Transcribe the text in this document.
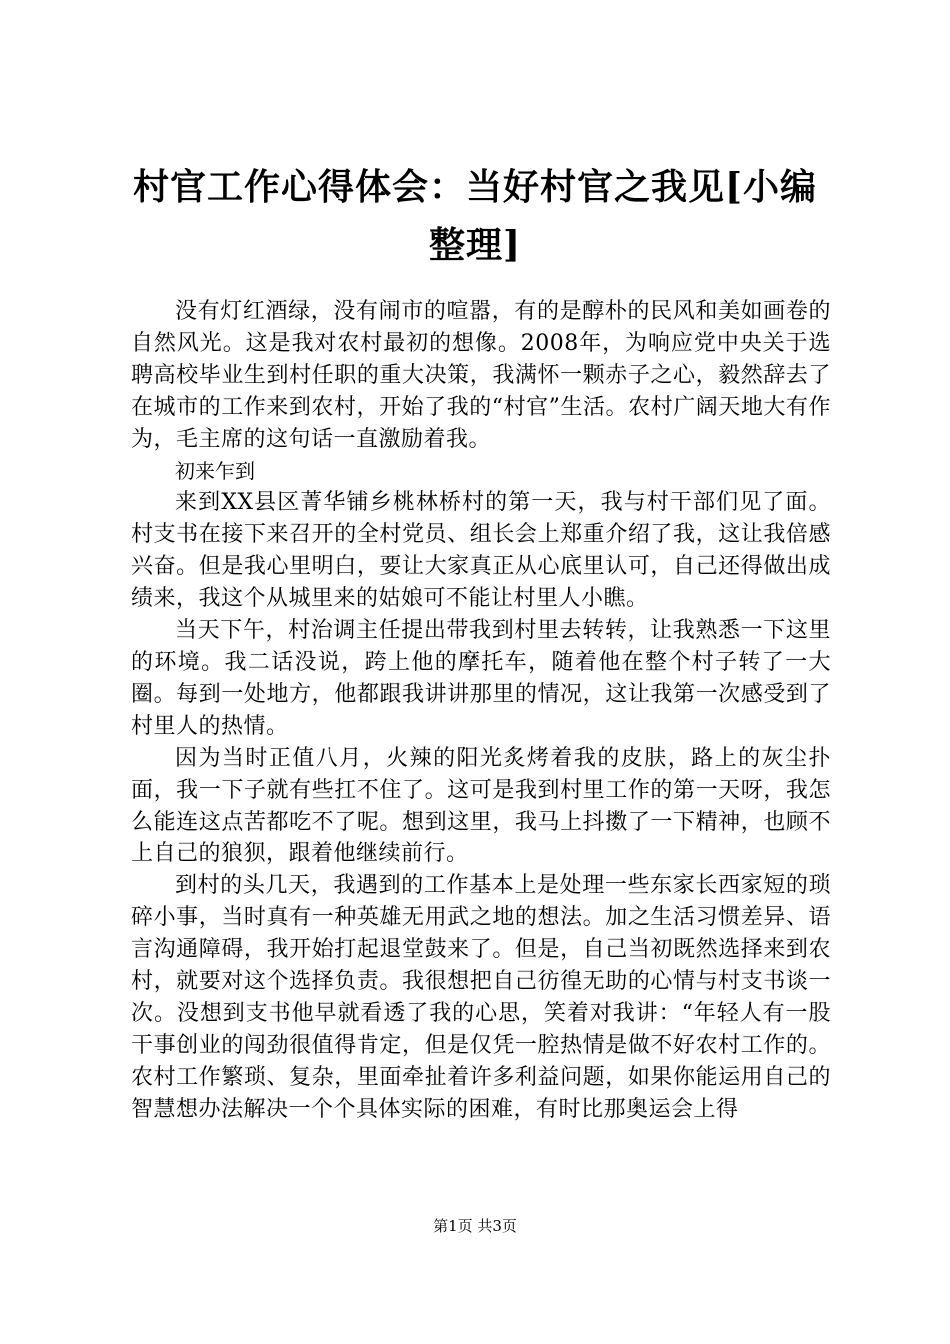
村官工作心得体会：当好村官之我见[小编整理]

没有灯红酒绿，没有闹市的喧嚣，有的是醇朴的民风和美如画卷的自然风光。这是我对农村最初的想像。2008年，为响应党中央关于选聘高校毕业生到村任职的重大决策，我满怀一颗赤子之心，毅然辞去了在城市的工作来到农村，开始了我的“村官”生活。农村广阔天地大有作为，毛主席的这句话一直激励着我。

初来乍到

来到XX县区菁华铺乡桃林桥村的第一天，我与村干部们见了面。村支书在接下来召开的全村党员、组长会上郑重介绍了我，这让我倍感兴奋。但是我心里明白，要让大家真正从心底里认可，自己还得做出成绩来，我这个从城里来的姑娘可不能让村里人小瞧。

当天下午，村治调主任提出带我到村里去转转，让我熟悉一下这里的环境。我二话没说，跨上他的摩托车，随着他在整个村子转了一大圈。每到一处地方，他都跟我讲讲那里的情况，这让我第一次感受到了村里人的热情。

因为当时正值八月，火辣的阳光炙烤着我的皮肤，路上的灰尘扑面，我一下子就有些扛不住了。这可是我到村里工作的第一天呀，我怎么能连这点苦都吃不了呢。想到这里，我马上抖擞了一下精神，也顾不上自己的狼狈，跟着他继续前行。

到村的头几天，我遇到的工作基本上是处理一些东家长西家短的琐碎小事，当时真有一种英雄无用武之地的想法。加之生活习惯差异、语言沟通障碍，我开始打起退堂鼓来了。但是，自己当初既然选择来到农村，就要对这个选择负责。我很想把自己彷徨无助的心情与村支书谈一次。没想到支书他早就看透了我的心思，笑着对我讲：“年轻人有一股干事创业的闯劲很值得肯定，但是仅凭一腔热情是做不好农村工作的。农村工作繁琐、复杂，里面牵扯着许多利益问题，如果你能运用自己的智慧想办法解决一个个具体实际的困难，有时比那奥运会上得

第1页 共3页
